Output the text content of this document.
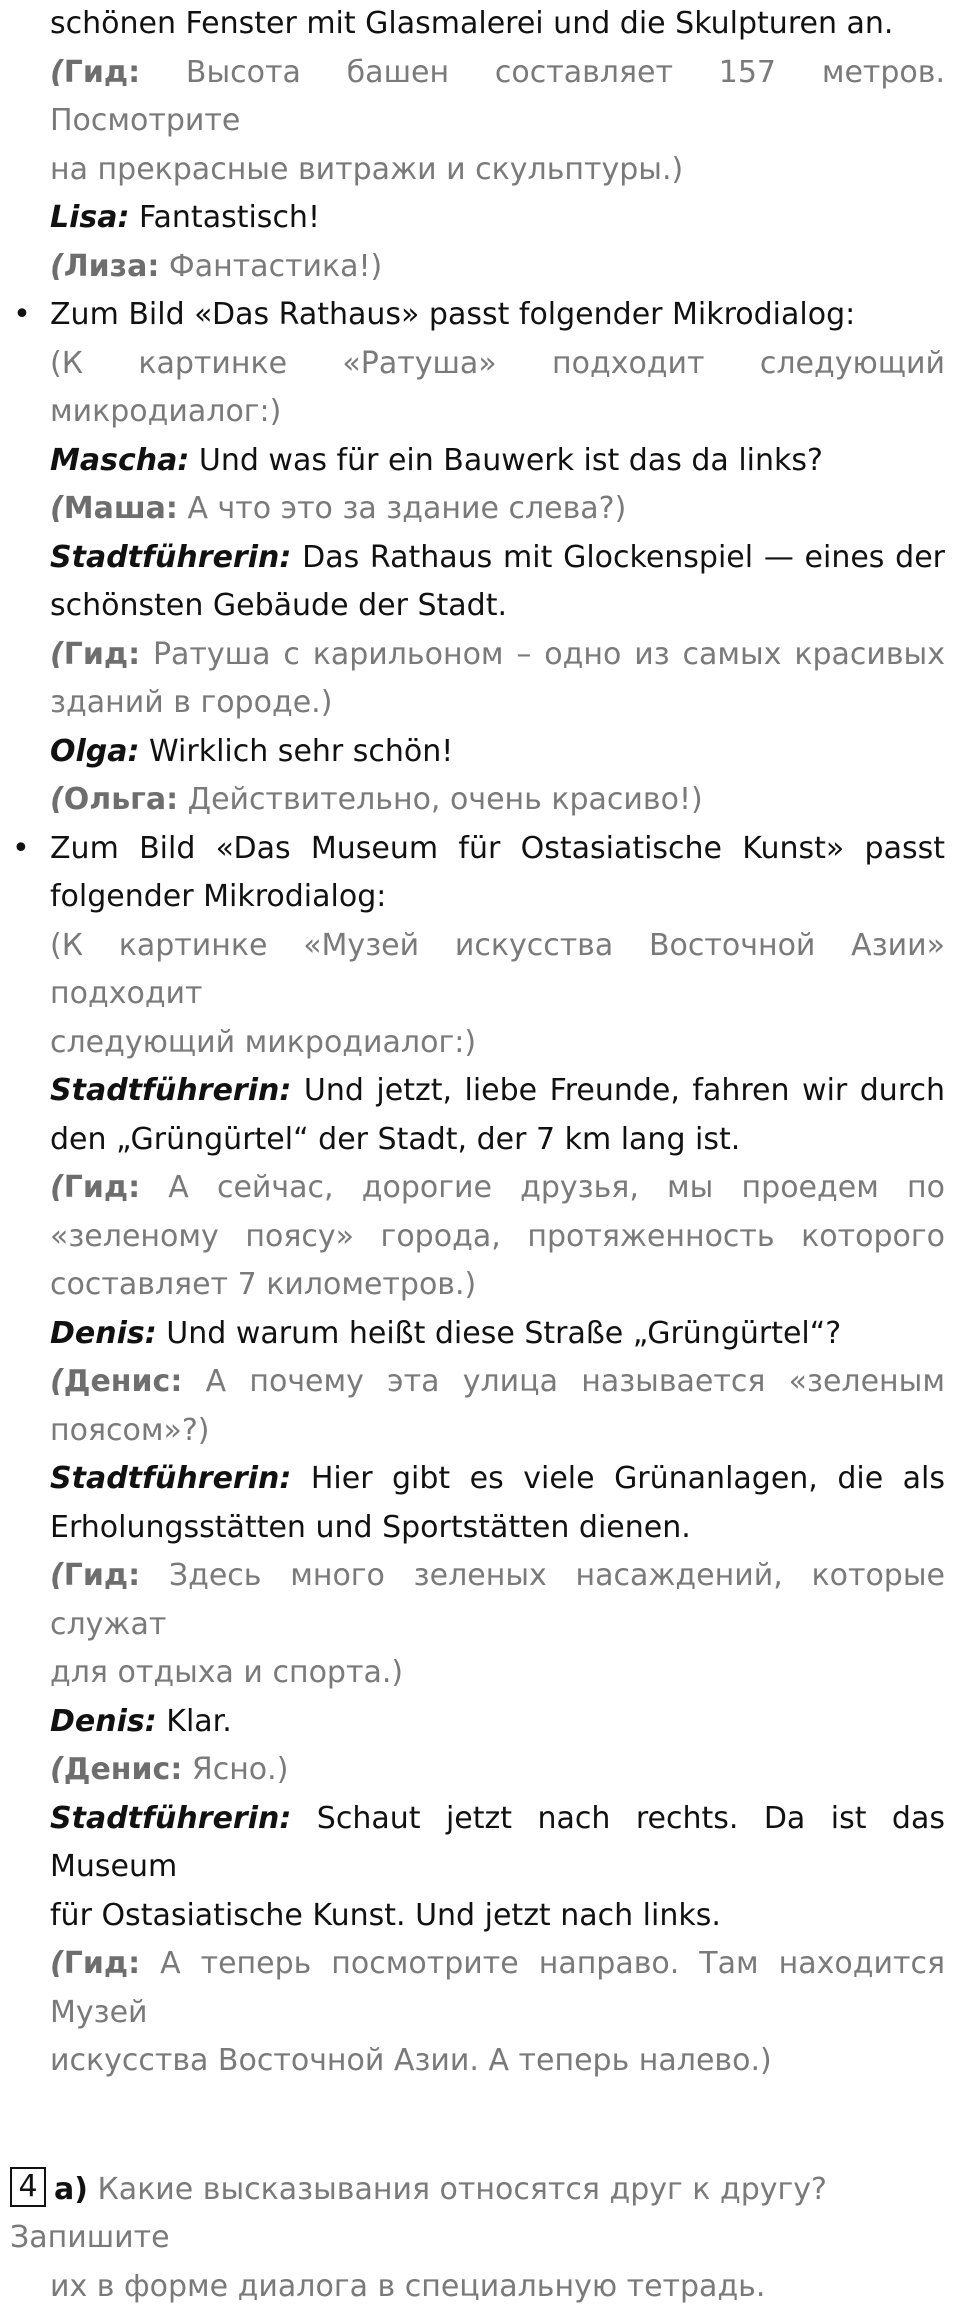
schönen Fenster mit Glasmalerei und die Skulpturen an.
(Гид: Высота башен составляет 157 метров. Посмотрите
на прекрасные витражи и скульптуры.)
Lisa: Fantastisch!
(Лиза: Фантастика!)
•
Zum Bild «Das Rathaus» passt folgender Mikrodialog:
(К картинке «Ратуша» подходит следующий
микродиалог:)
Mascha: Und was für ein Bauwerk ist das da links?
(Маша: А что это за здание слева?)
Stadtführerin: Das Rathaus mit Glockenspiel — eines der
schönsten Gebäude der Stadt.
(Гид: Ратуша с карильоном – одно из самых красивых
зданий в городе.)
Olga: Wirklich sehr schön!
(Ольга: Действительно, очень красиво!)
•
Zum Bild «Das Museum für Ostasiatische Kunst» passt
folgender Mikrodialog:
(К картинке «Музей искусства Восточной Азии» подходит
следующий микродиалог:)
Stadtführerin: Und jetzt, liebe Freunde, fahren wir durch
den „Grüngürtel“ der Stadt, der 7 km lang ist.
(Гид: А сейчас, дорогие друзья, мы проедем по
«зеленому поясу» города, протяженность которого
составляет 7 километров.)
Denis: Und warum heißt diese Straße „Grüngürtel“?
(Денис: А почему эта улица называется «зеленым
поясом»?)
Stadtführerin: Hier gibt es viele Grünanlagen, die als
Erholungsstätten und Sportstätten dienen.
(Гид: Здесь много зеленых насаждений, которые служат
для отдыха и спорта.)
Denis: Klar.
(Денис: Ясно.)
Stadtführerin: Schaut jetzt nach rechts. Da ist das Museum
für Ostasiatische Kunst. Und jetzt nach links.
(Гид: А теперь посмотрите направо. Там находится Музей
искусства Восточной Азии. А теперь налево.)
4 а) Какие высказывания относятся друг к другу? Запишите
их в форме диалога в специальную тетрадь.
